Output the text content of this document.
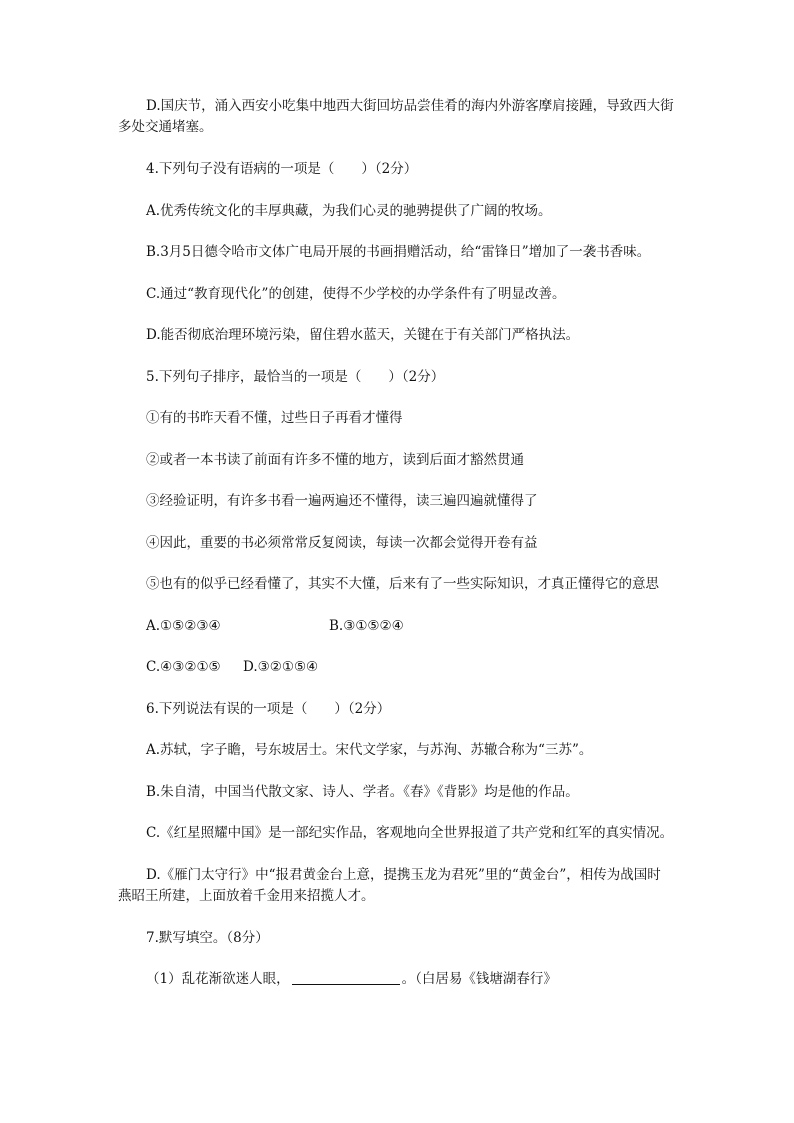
D.国庆节，涌入西安小吃集中地西大街回坊品尝佳肴的海内外游客摩肩接踵，导致西大街多处交通堵塞。
4.下列句子没有语病的一项是（　　）（2分）
A.优秀传统文化的丰厚典藏，为我们心灵的驰骋提供了广阔的牧场。
B.3月5日德令哈市文体广电局开展的书画捐赠活动，给“雷锋日”增加了一袭书香味。
C.通过“教育现代化”的创建，使得不少学校的办学条件有了明显改善。
D.能否彻底治理环境污染，留住碧水蓝天，关键在于有关部门严格执法。
5.下列句子排序，最恰当的一项是（　　）（2分）
①有的书昨天看不懂，过些日子再看才懂得
②或者一本书读了前面有许多不懂的地方，读到后面才豁然贯通
③经验证明，有许多书看一遍两遍还不懂得，读三遍四遍就懂得了
④因此，重要的书必须常常反复阅读，每读一次都会觉得开卷有益
⑤也有的似乎已经看懂了，其实不大懂，后来有了一些实际知识，才真正懂得它的意思
A.①⑤②③④	B.③①⑤②④
C.④③②①⑤ D.③②①⑤④
6.下列说法有误的一项是（　　）（2分）
A.苏轼，字子瞻，号东坡居士。宋代文学家，与苏洵、苏辙合称为“三苏”。
B.朱自清，中国当代散文家、诗人、学者。《春》《背影》均是他的作品。
C.《红星照耀中国》是一部纪实作品，客观地向全世界报道了共产党和红军的真实情况。
D.《雁门太守行》中“报君黄金台上意，提携玉龙为君死”里的“黄金台”，相传为战国时燕昭王所建，上面放着千金用来招揽人才。
7.默写填空。（8分）
（1）乱花渐欲迷人眼，	。（白居易《钱塘湖春行》
